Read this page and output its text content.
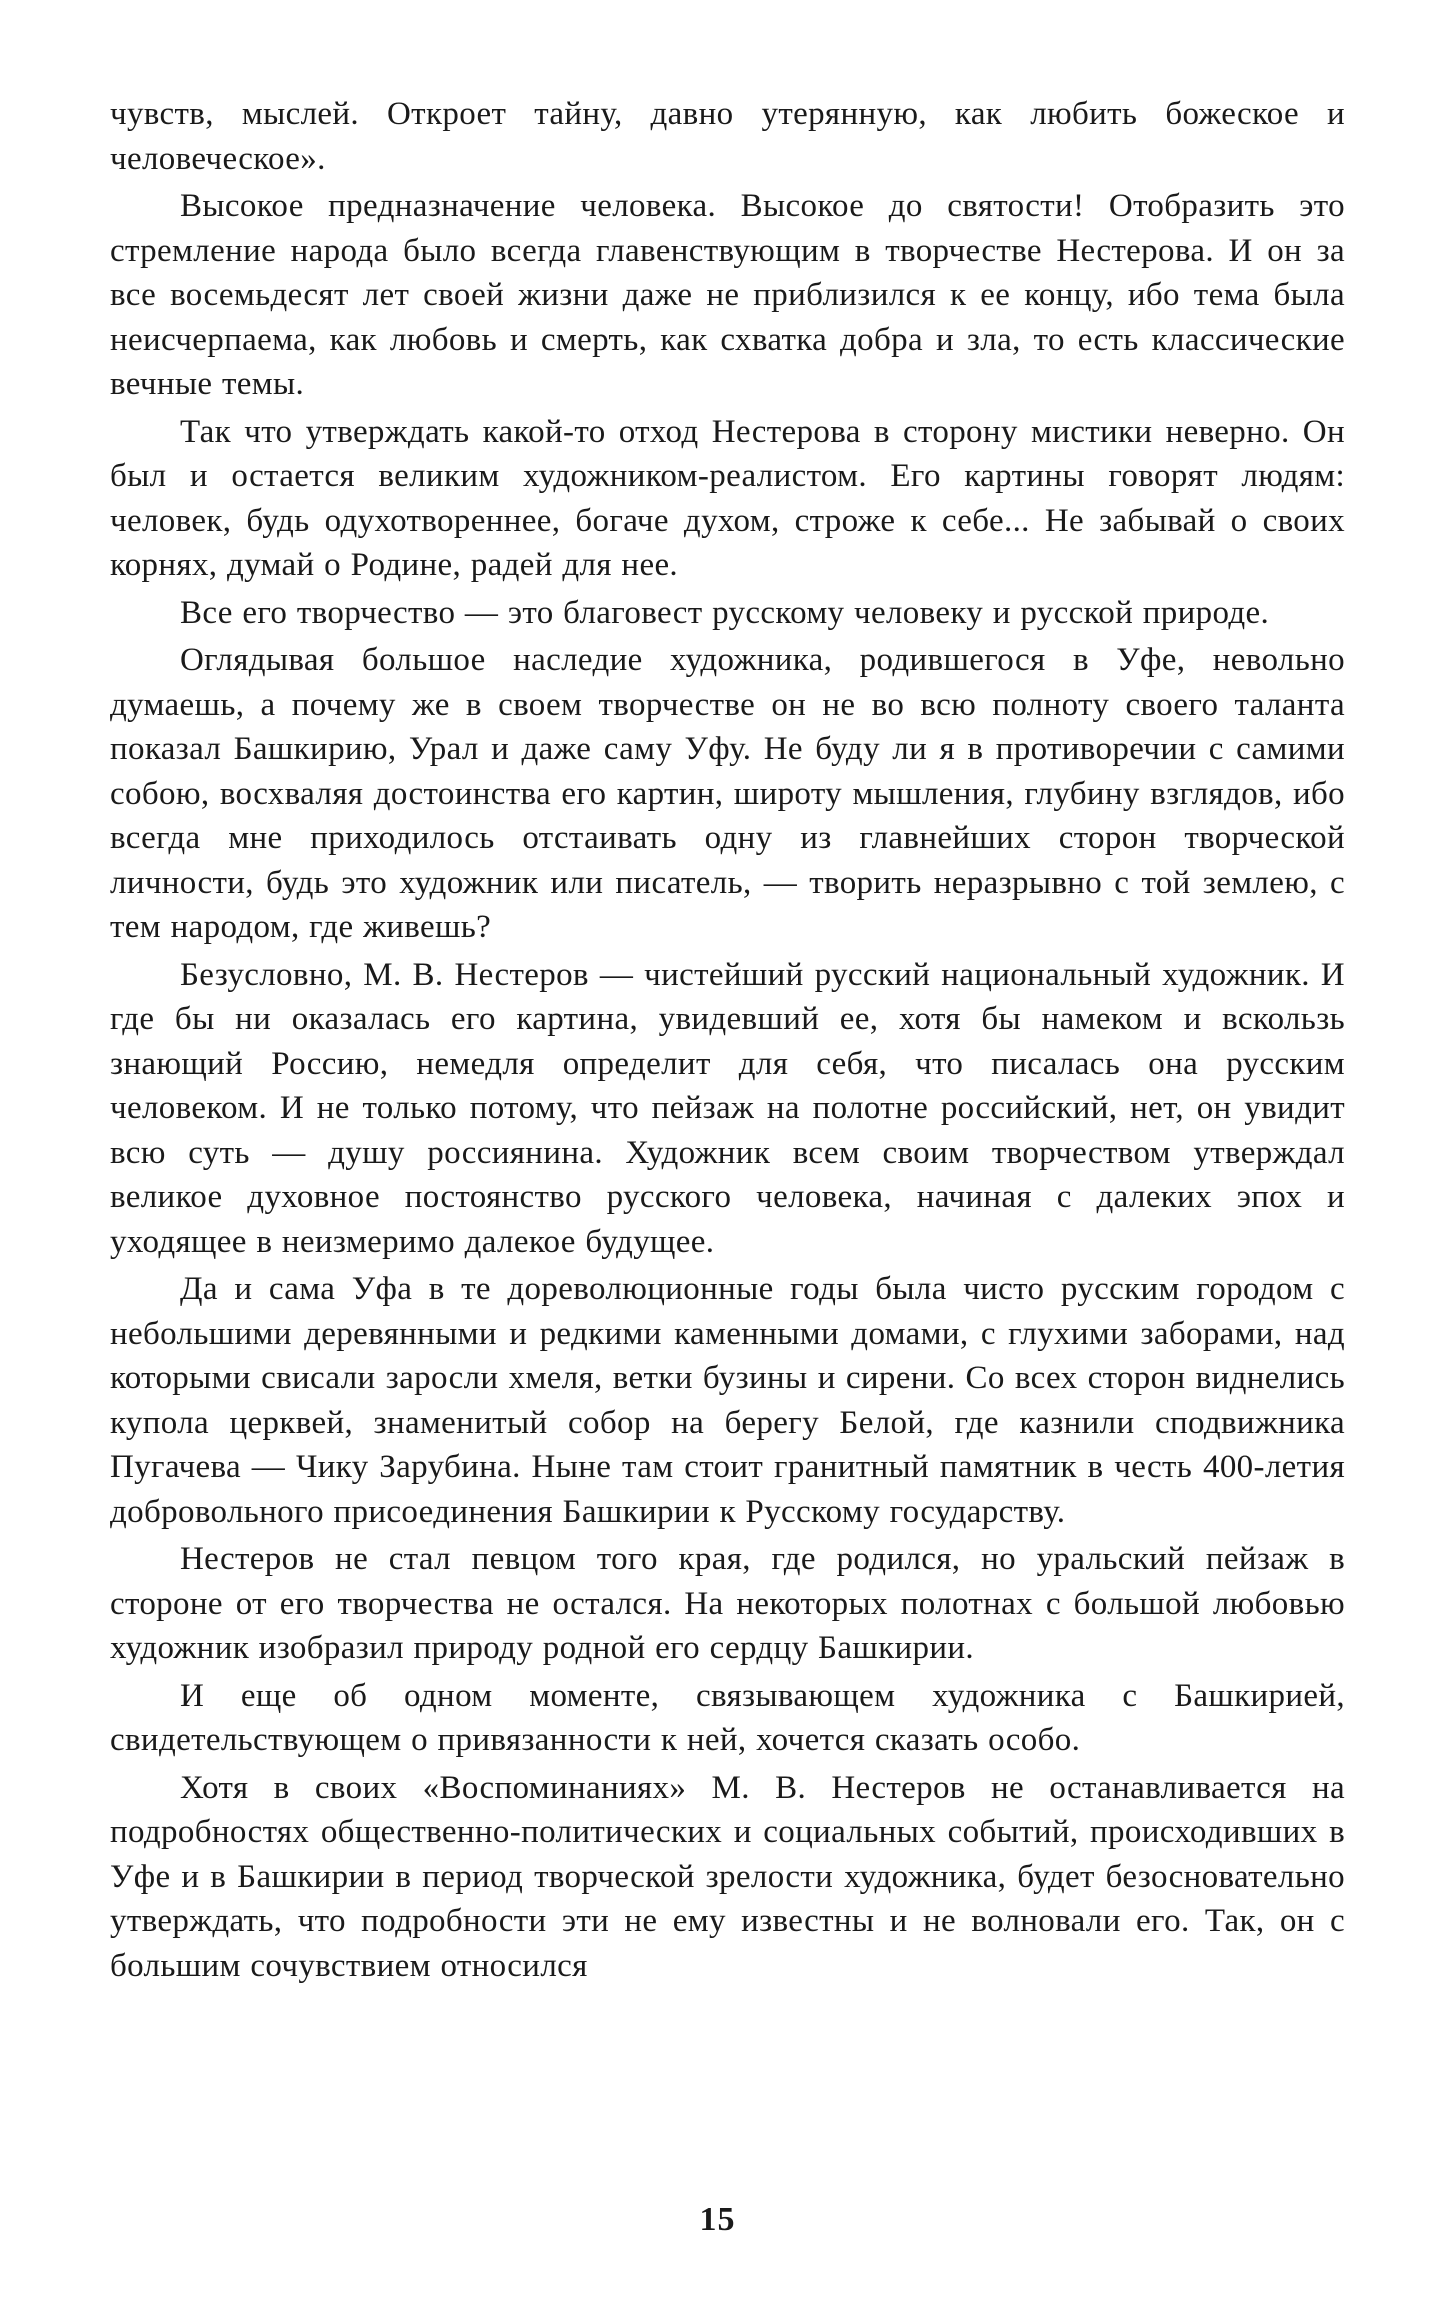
чувств, мыслей. Откроет тайну, давно утерянную, как любить божеское и человеческое».

Высокое предназначение человека. Высокое до святости! Отобразить это стремление народа было всегда главенствующим в творчестве Нестерова. И он за все восемьдесят лет своей жизни даже не приблизился к ее концу, ибо тема была неисчерпаема, как любовь и смерть, как схватка добра и зла, то есть классические вечные темы.

Так что утверждать какой-то отход Нестерова в сторону мистики неверно. Он был и остается великим художником-реалистом. Его картины говорят людям: человек, будь одухотвореннее, богаче духом, строже к себе... Не забывай о своих корнях, думай о Родине, радей для нее.

Все его творчество — это благовест русскому человеку и русской природе.

Оглядывая большое наследие художника, родившегося в Уфе, невольно думаешь, а почему же в своем творчестве он не во всю полноту своего таланта показал Башкирию, Урал и даже саму Уфу. Не буду ли я в противоречии с самими собою, восхваляя достоинства его картин, широту мышления, глубину взглядов, ибо всегда мне приходилось отстаивать одну из главнейших сторон творческой личности, будь это художник или писатель, — творить неразрывно с той землею, с тем народом, где живешь?

Безусловно, М. В. Нестеров — чистейший русский национальный художник. И где бы ни оказалась его картина, увидевший ее, хотя бы намеком и вскользь знающий Россию, немедля определит для себя, что писалась она русским человеком. И не только потому, что пейзаж на полотне российский, нет, он увидит всю суть — душу россиянина. Художник всем своим творчеством утверждал великое духовное постоянство русского человека, начиная с далеких эпох и уходящее в неизмеримо далекое будущее.

Да и сама Уфа в те дореволюционные годы была чисто русским городом с небольшими деревянными и редкими каменными домами, с глухими заборами, над которыми свисали заросли хмеля, ветки бузины и сирени. Со всех сторон виднелись купола церквей, знаменитый собор на берегу Белой, где казнили сподвижника Пугачева — Чику Зарубина. Ныне там стоит гранитный памятник в честь 400-летия добровольного присоединения Башкирии к Русскому государству.

Нестеров не стал певцом того края, где родился, но уральский пейзаж в стороне от его творчества не остался. На некоторых полотнах с большой любовью художник изобразил природу родной его сердцу Башкирии.

И еще об одном моменте, связывающем художника с Башкирией, свидетельствующем о привязанности к ней, хочется сказать особо.

Хотя в своих «Воспоминаниях» М. В. Нестеров не останавливается на подробностях общественно-политических и социальных событий, происходивших в Уфе и в Башкирии в период творческой зрелости художника, будет безосновательно утверждать, что подробности эти не ему известны и не волновали его. Так, он с большим сочувствием относился

15
